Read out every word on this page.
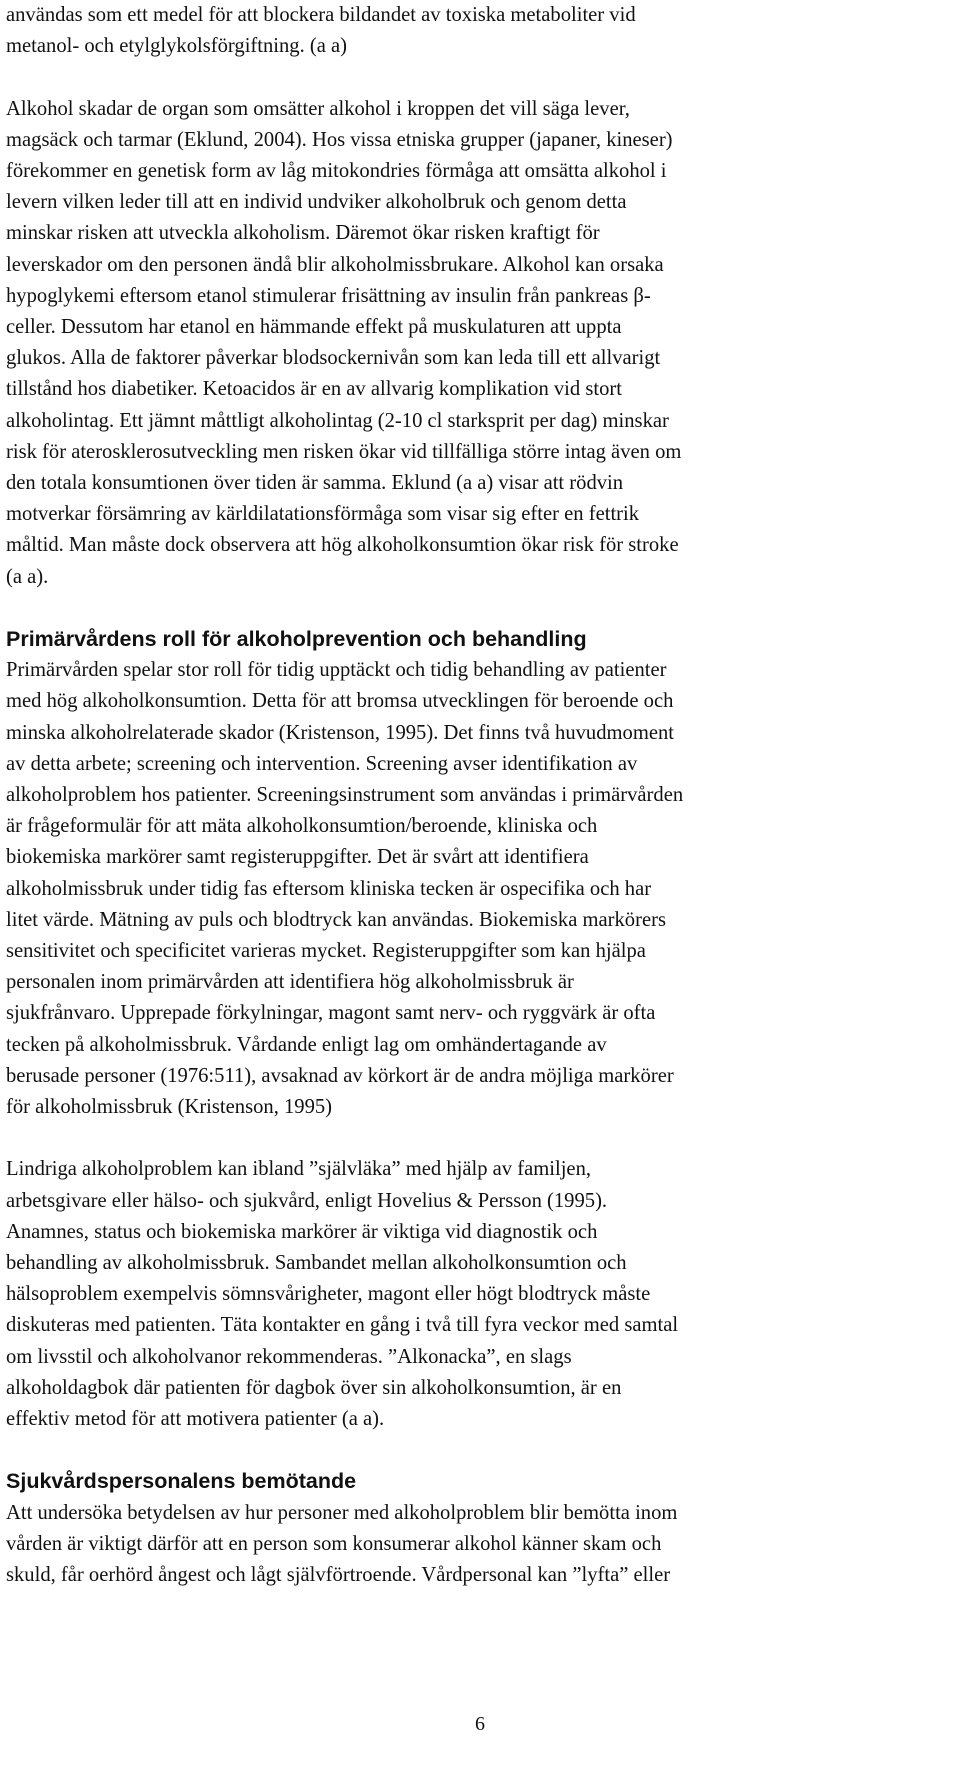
användas som ett medel för att blockera bildandet av toxiska metaboliter vid
metanol- och etylglykolsförgiftning. (a a)
Alkohol skadar de organ som omsätter alkohol i kroppen det vill säga lever,
magsäck och tarmar (Eklund, 2004). Hos vissa etniska grupper (japaner, kineser)
förekommer en genetisk form av låg mitokondries förmåga att omsätta alkohol i
levern vilken leder till att en individ undviker alkoholbruk och genom detta
minskar risken att utveckla alkoholism. Däremot ökar risken kraftigt för
leverskador om den personen ändå blir alkoholmissbrukare. Alkohol kan orsaka
hypoglykemi eftersom etanol stimulerar frisättning av insulin från pankreas β-
celler. Dessutom har etanol en hämmande effekt på muskulaturen att uppta
glukos. Alla de faktorer påverkar blodsockernivån som kan leda till ett allvarigt
tillstånd hos diabetiker. Ketoacidos är en av allvarig komplikation vid stort
alkoholintag. Ett jämnt måttligt alkoholintag (2-10 cl starksprit per dag) minskar
risk för aterosklerosutveckling men risken ökar vid tillfälliga större intag även om
den totala konsumtionen över tiden är samma. Eklund (a a) visar att rödvin
motverkar försämring av kärldilatationsförmåga som visar sig efter en fettrik
måltid. Man måste dock observera att hög alkoholkonsumtion ökar risk för stroke
(a a).
Primärvårdens roll för alkoholprevention och behandling
Primärvården spelar stor roll för tidig upptäckt och tidig behandling av patienter
med hög alkoholkonsumtion. Detta för att bromsa utvecklingen för beroende och
minska alkoholrelaterade skador (Kristenson, 1995). Det finns två huvudmoment
av detta arbete; screening och intervention. Screening avser identifikation av
alkoholproblem hos patienter. Screeningsinstrument som användas i primärvården
är frågeformulär för att mäta alkoholkonsumtion/beroende, kliniska och
biokemiska markörer samt registeruppgifter. Det är svårt att identifiera
alkoholmissbruk under tidig fas eftersom kliniska tecken är ospecifika och har
litet värde. Mätning av puls och blodtryck kan användas. Biokemiska markörers
sensitivitet och specificitet varieras mycket. Registeruppgifter som kan hjälpa
personalen inom primärvården att identifiera hög alkoholmissbruk är
sjukfrånvaro. Upprepade förkylningar, magont samt nerv- och ryggvärk är ofta
tecken på alkoholmissbruk. Vårdande enligt lag om omhändertagande av
berusade personer (1976:511), avsaknad av körkort är de andra möjliga markörer
för alkoholmissbruk (Kristenson, 1995)
Lindriga alkoholproblem kan ibland ”självläka” med hjälp av familjen,
arbetsgivare eller hälso- och sjukvård, enligt Hovelius & Persson (1995).
Anamnes, status och biokemiska markörer är viktiga vid diagnostik och
behandling av alkoholmissbruk. Sambandet mellan alkoholkonsumtion och
hälsoproblem exempelvis sömnsvårigheter, magont eller högt blodtryck måste
diskuteras med patienten. Täta kontakter en gång i två till fyra veckor med samtal
om livsstil och alkoholvanor rekommenderas. ”Alkonacka”, en slags
alkoholdagbok där patienten för dagbok över sin alkoholkonsumtion, är en
effektiv metod för att motivera patienter (a a).
Sjukvårdspersonalens bemötande
Att undersöka betydelsen av hur personer med alkoholproblem blir bemötta inom
vården är viktigt därför att en person som konsumerar alkohol känner skam och
skuld, får oerhörd ångest och lågt självförtroende. Vårdpersonal kan ”lyfta” eller
6
